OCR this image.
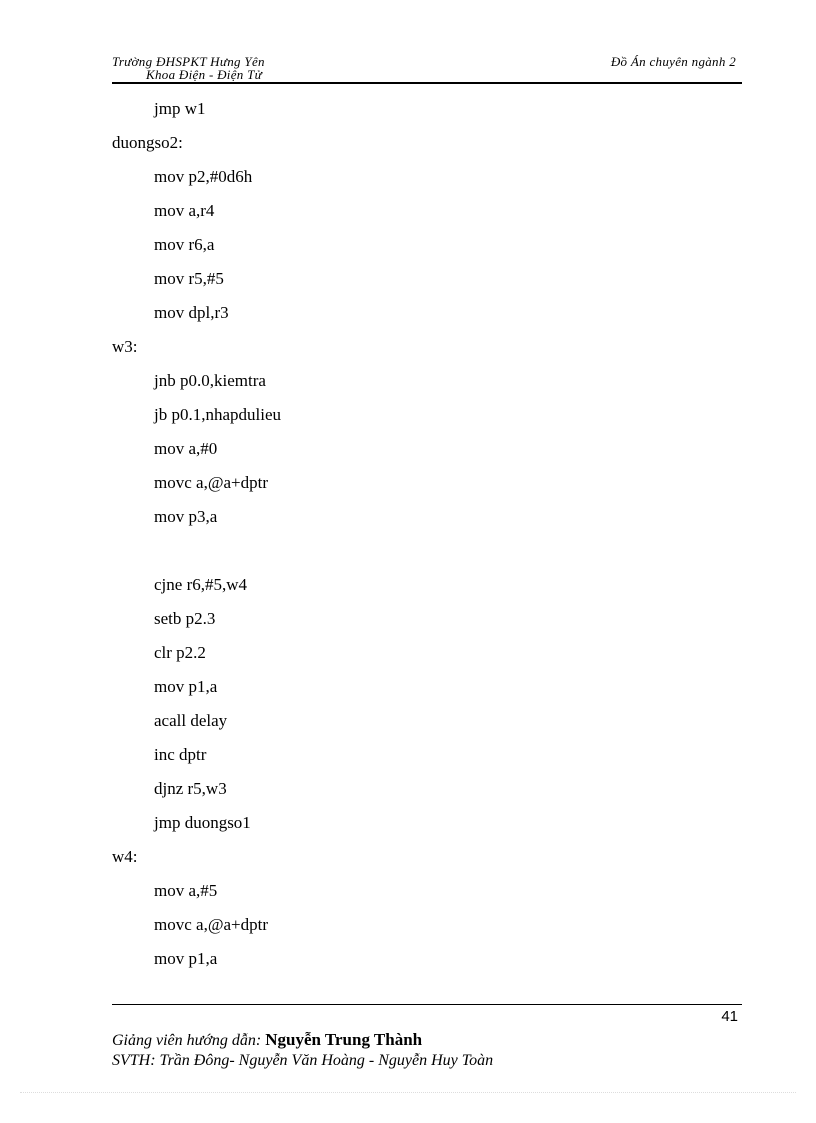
Trường ĐHSPKT Hưng Yên
Khoa Điện - Điện Tử
Đồ Án chuyên ngành 2
jmp w1
duongso2:
mov p2,#0d6h
mov a,r4
mov r6,a
mov r5,#5
mov dpl,r3
w3:
jnb p0.0,kiemtra
jb p0.1,nhapdulieu
mov a,#0
movc a,@a+dptr
mov p3,a
cjne r6,#5,w4
setb p2.3
clr p2.2
mov p1,a
acall delay
inc dptr
djnz r5,w3
jmp duongso1
w4:
mov a,#5
movc a,@a+dptr
mov p1,a
41
Giảng viên hướng dẫn: Nguyễn Trung Thành
SVTH: Trần Đông- Nguyễn Văn Hoàng - Nguyễn Huy Toàn
